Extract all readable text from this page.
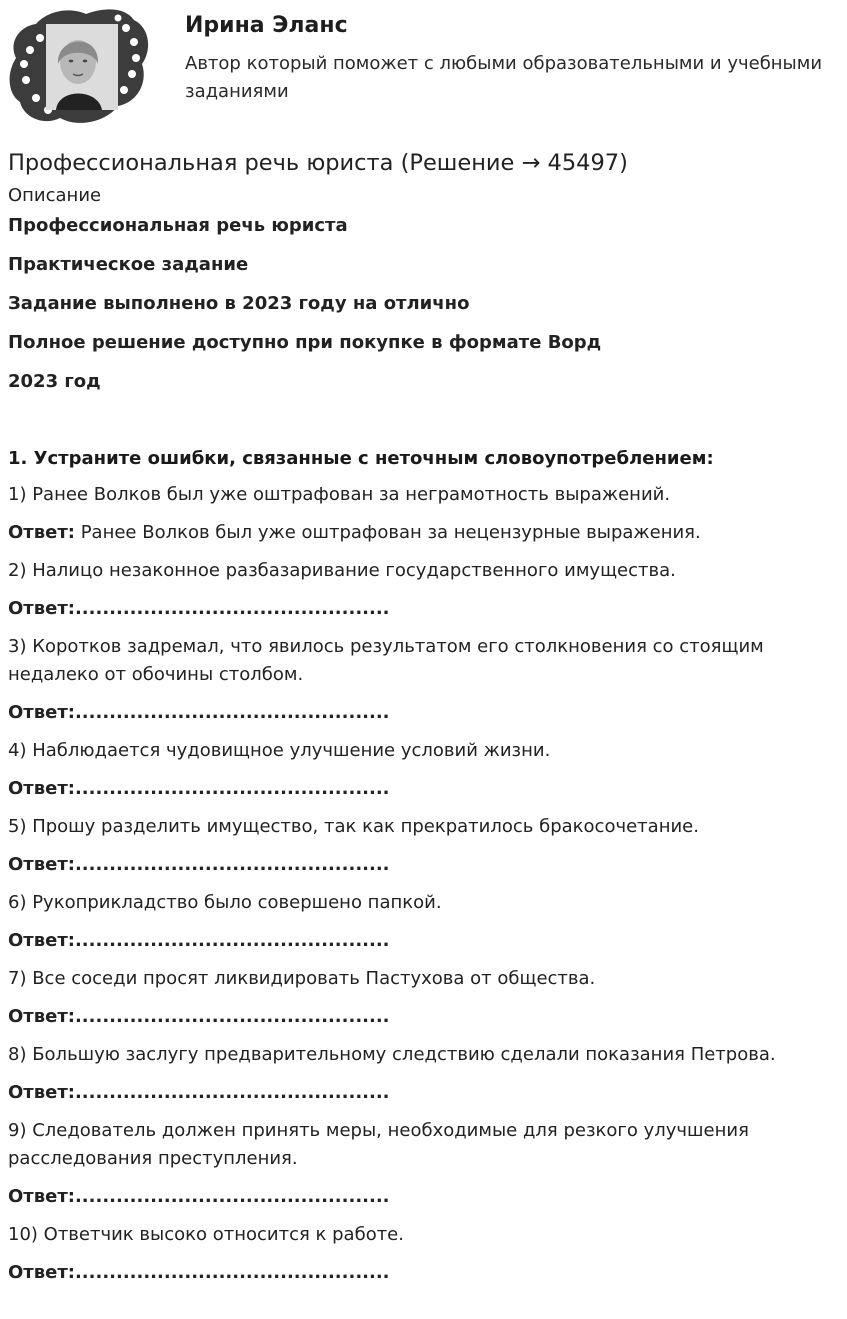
Ирина Эланс

Автор который поможет с любыми образовательными и учебными заданиями

Профессиональная речь юриста (Решение → 45497)

Описание

Профессиональная речь юриста

Практическое задание

Задание выполнено в 2023 году на отлично

Полное решение доступно при покупке в формате Ворд

2023 год

1. Устраните ошибки, связанные с неточным словоупотреблением:

1) Ранее Волков был уже оштрафован за неграмотность выражений.

Ответ: Ранее Волков был уже оштрафован за нецензурные выражения.

2) Налицо незаконное разбазаривание государственного имущества.

Ответ:..............................................

3) Коротков задремал, что явилось результатом его столкновения со стоящим недалеко от обочины столбом.

Ответ:..............................................

4) Наблюдается чудовищное улучшение условий жизни.

Ответ:..............................................

5) Прошу разделить имущество, так как прекратилось бракосочетание.

Ответ:..............................................

6) Рукоприкладство было совершено папкой.

Ответ:..............................................

7) Все соседи просят ликвидировать Пастухова от общества.

Ответ:..............................................

8) Большую заслугу предварительному следствию сделали показания Петрова.

Ответ:..............................................

9) Следователь должен принять меры, необходимые для резкого улучшения расследования преступления.

Ответ:..............................................

10) Ответчик высоко относится к работе.

Ответ:..............................................
